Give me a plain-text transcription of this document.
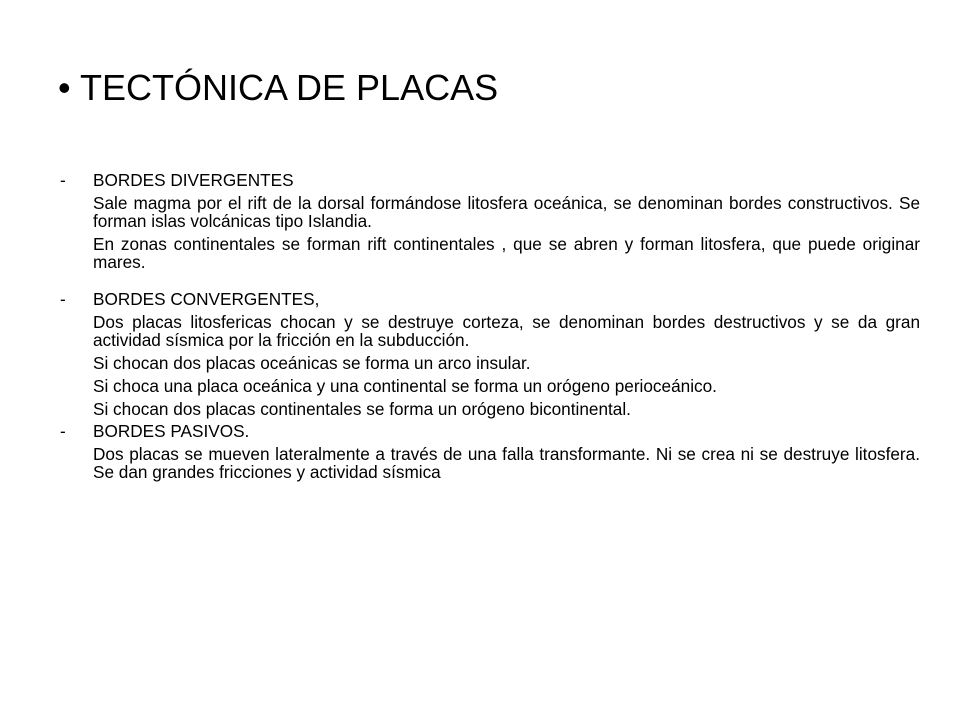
• TECTÓNICA DE PLACAS
-	BORDES DIVERGENTES
Sale magma por el rift de la dorsal formándose litosfera oceánica, se denominan bordes constructivos. Se forman islas volcánicas tipo Islandia.
En zonas continentales se forman rift continentales , que se abren y forman litosfera, que puede originar mares.
-	BORDES CONVERGENTES,
Dos placas litosfericas chocan y se destruye corteza, se denominan bordes destructivos y se da gran actividad sísmica por la fricción en la subducción.
Si chocan dos placas oceánicas se forma un arco insular.
Si choca una placa oceánica y una continental se forma un orógeno perioceánico.
Si chocan dos placas continentales se forma un orógeno bicontinental.
-	BORDES PASIVOS.
Dos placas se mueven lateralmente a través de una falla transformante. Ni se crea ni se destruye litosfera. Se dan grandes fricciones y actividad sísmica
